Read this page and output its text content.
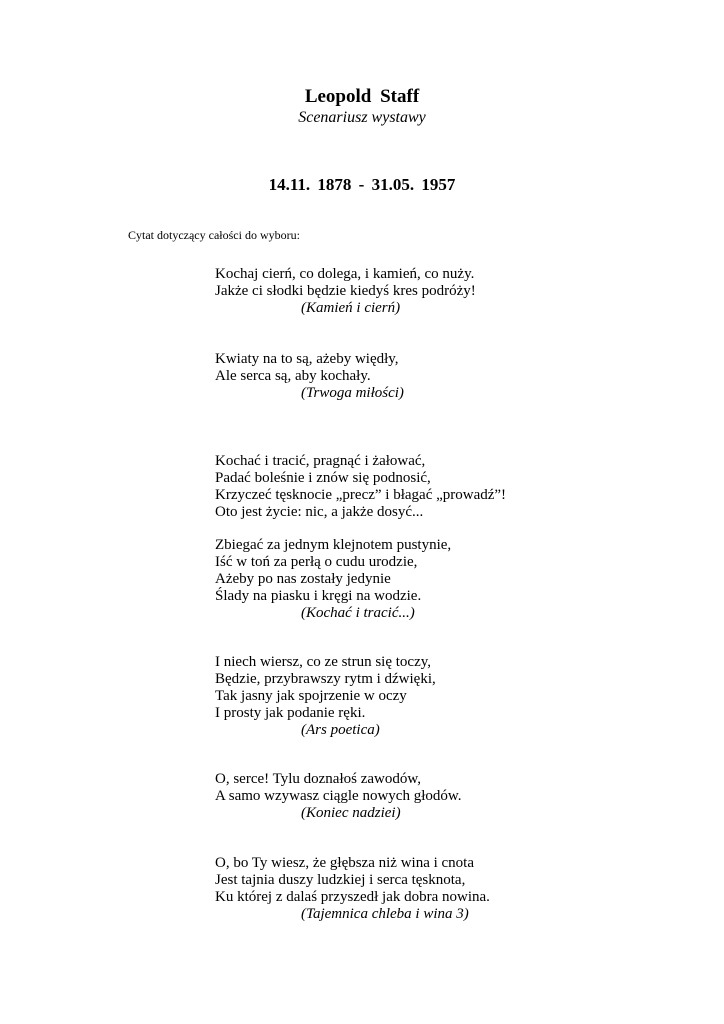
Leopold Staff
Scenariusz wystawy
14.11. 1878 - 31.05. 1957
Cytat dotyczący całości do wyboru:
Kochaj cierń, co dolega, i kamień, co nuży.
Jakże ci słodki będzie kiedyś kres podróży!
(Kamień i cierń)
Kwiaty na to są, ażeby więdły,
Ale serca są, aby kochały.
(Trwoga miłości)
Kochać i tracić, pragnąć i żałować,
Padać boleśnie i znów się podnosić,
Krzyczeć tęsknocie „precz” i błagać „prowadź”!
Oto jest życie: nic, a jakże dosyć...
Zbiegać za jednym klejnotem pustynie,
Iść w toń za perłą o cudu urodzie,
Ażeby po nas zostały jedynie
Ślady na piasku i kręgi na wodzie.
(Kochać i tracić...)
I niech wiersz, co ze strun się toczy,
Będzie, przybrawszy rytm i dźwięki,
Tak jasny jak spojrzenie w oczy
I prosty jak podanie ręki.
(Ars poetica)
O, serce! Tylu doznałoś zawodów,
A samo wzywasz ciągle nowych głodów.
(Koniec nadziei)
O, bo Ty wiesz, że głębsza niż wina i cnota
Jest tajnia duszy ludzkiej i serca tęsknota,
Ku której z dalaś przyszedł jak dobra nowina.
(Tajemnica chleba i wina 3)
